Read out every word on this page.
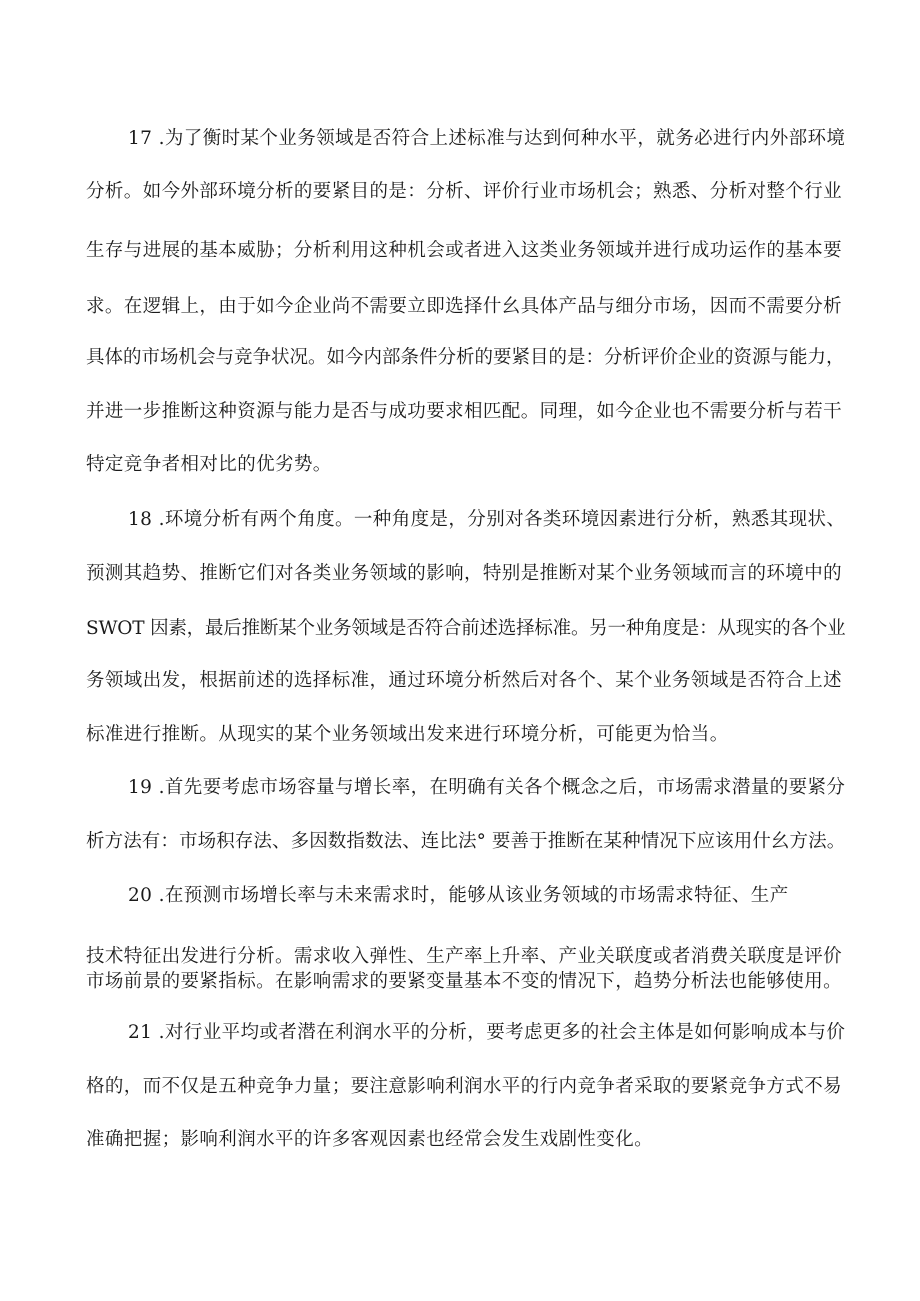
17 .为了衡时某个业务领域是否符合上述标准与达到何种水平，就务必进行内外部环境
分析。如今外部环境分析的要紧目的是：分析、评价行业市场机会；熟悉、分析对整个行业
生存与进展的基本威胁；分析利用这种机会或者进入这类业务领域并进行成功运作的基本要
求。在逻辑上，由于如今企业尚不需要立即选择什幺具体产品与细分市场，因而不需要分析
具体的市场机会与竞争状况。如今内部条件分析的要紧目的是：分析评价企业的资源与能力，
并进一步推断这种资源与能力是否与成功要求相匹配。同理，如今企业也不需要分析与若干
特定竞争者相对比的优劣势。
18 .环境分析有两个角度。一种角度是，分别对各类环境因素进行分析，熟悉其现状、
预测其趋势、推断它们对各类业务领域的影响，特别是推断对某个业务领域而言的环境中的
SWOT 因素，最后推断某个业务领域是否符合前述选择标准。另一种角度是：从现实的各个业
务领域出发，根据前述的选择标准，通过环境分析然后对各个、某个业务领域是否符合上述
标准进行推断。从现实的某个业务领域出发来进行环境分析，可能更为恰当。
19 .首先要考虑市场容量与增长率，在明确有关各个概念之后，市场需求潜量的要紧分
析方法有：市场积存法、多因数指数法、连比法° 要善于推断在某种情况下应该用什幺方法。
20 .在预测市场增长率与未来需求时，能够从该业务领域的市场需求特征、生产
技术特征出发进行分析。需求收入弹性、生产率上升率、产业关联度或者消费关联度是评价
市场前景的要紧指标。在影响需求的要紧变量基本不变的情况下，趋势分析法也能够使用。
21 .对行业平均或者潜在利润水平的分析，要考虑更多的社会主体是如何影响成本与价
格的，而不仅是五种竞争力量；要注意影响利润水平的行内竞争者采取的要紧竞争方式不易
准确把握；影响利润水平的许多客观因素也经常会发生戏剧性变化。
